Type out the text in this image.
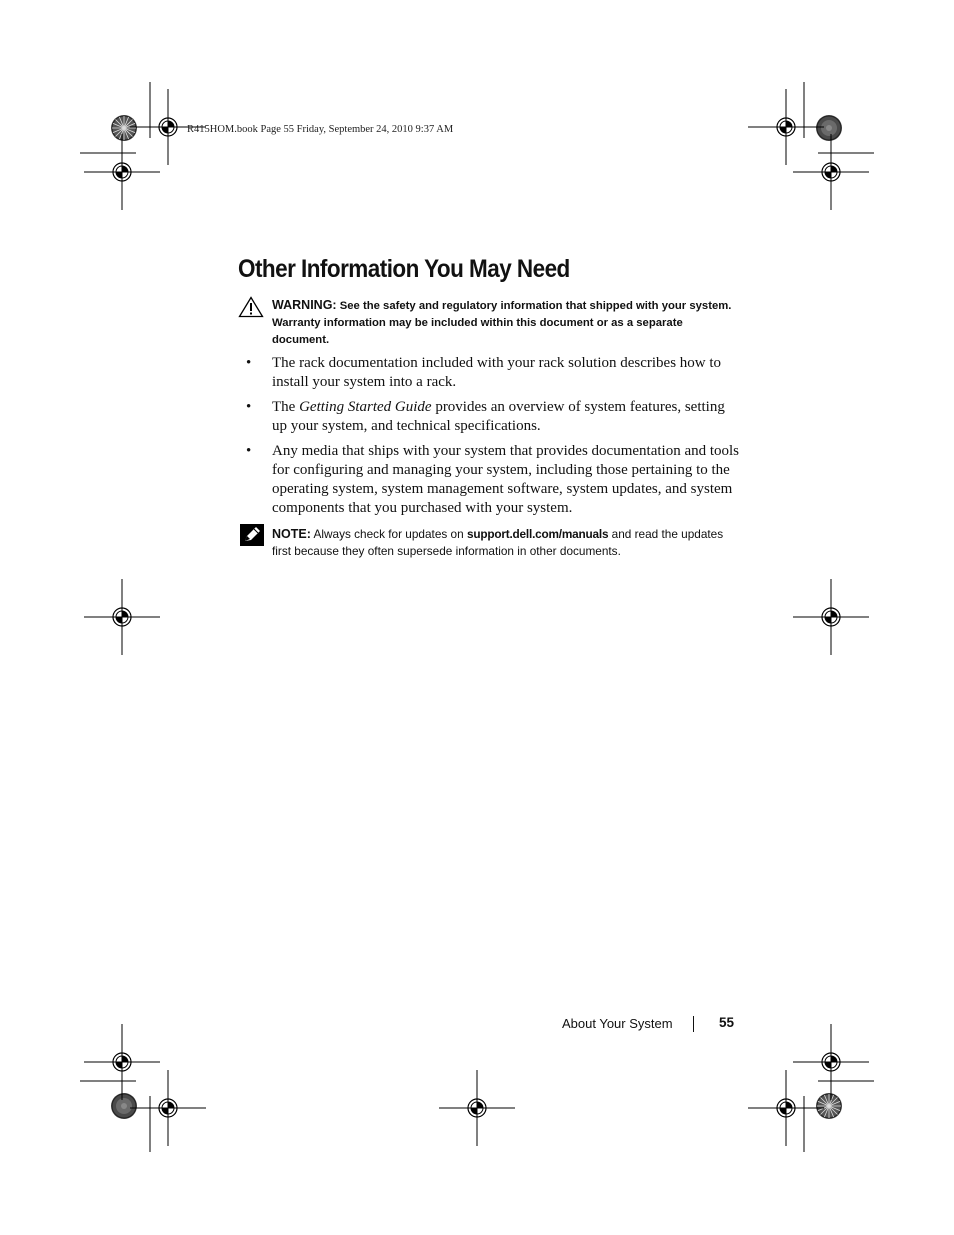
R415HOM.book Page 55 Friday, September 24, 2010 9:37 AM
Other Information You May Need
WARNING: See the safety and regulatory information that shipped with your system. Warranty information may be included within this document or as a separate document.
• The rack documentation included with your rack solution describes how to install your system into a rack.
• The Getting Started Guide provides an overview of system features, setting up your system, and technical specifications.
• Any media that ships with your system that provides documentation and tools for configuring and managing your system, including those pertaining to the operating system, system management software, system updates, and system components that you purchased with your system.
NOTE: Always check for updates on support.dell.com/manuals and read the updates first because they often supersede information in other documents.
About Your System	55
